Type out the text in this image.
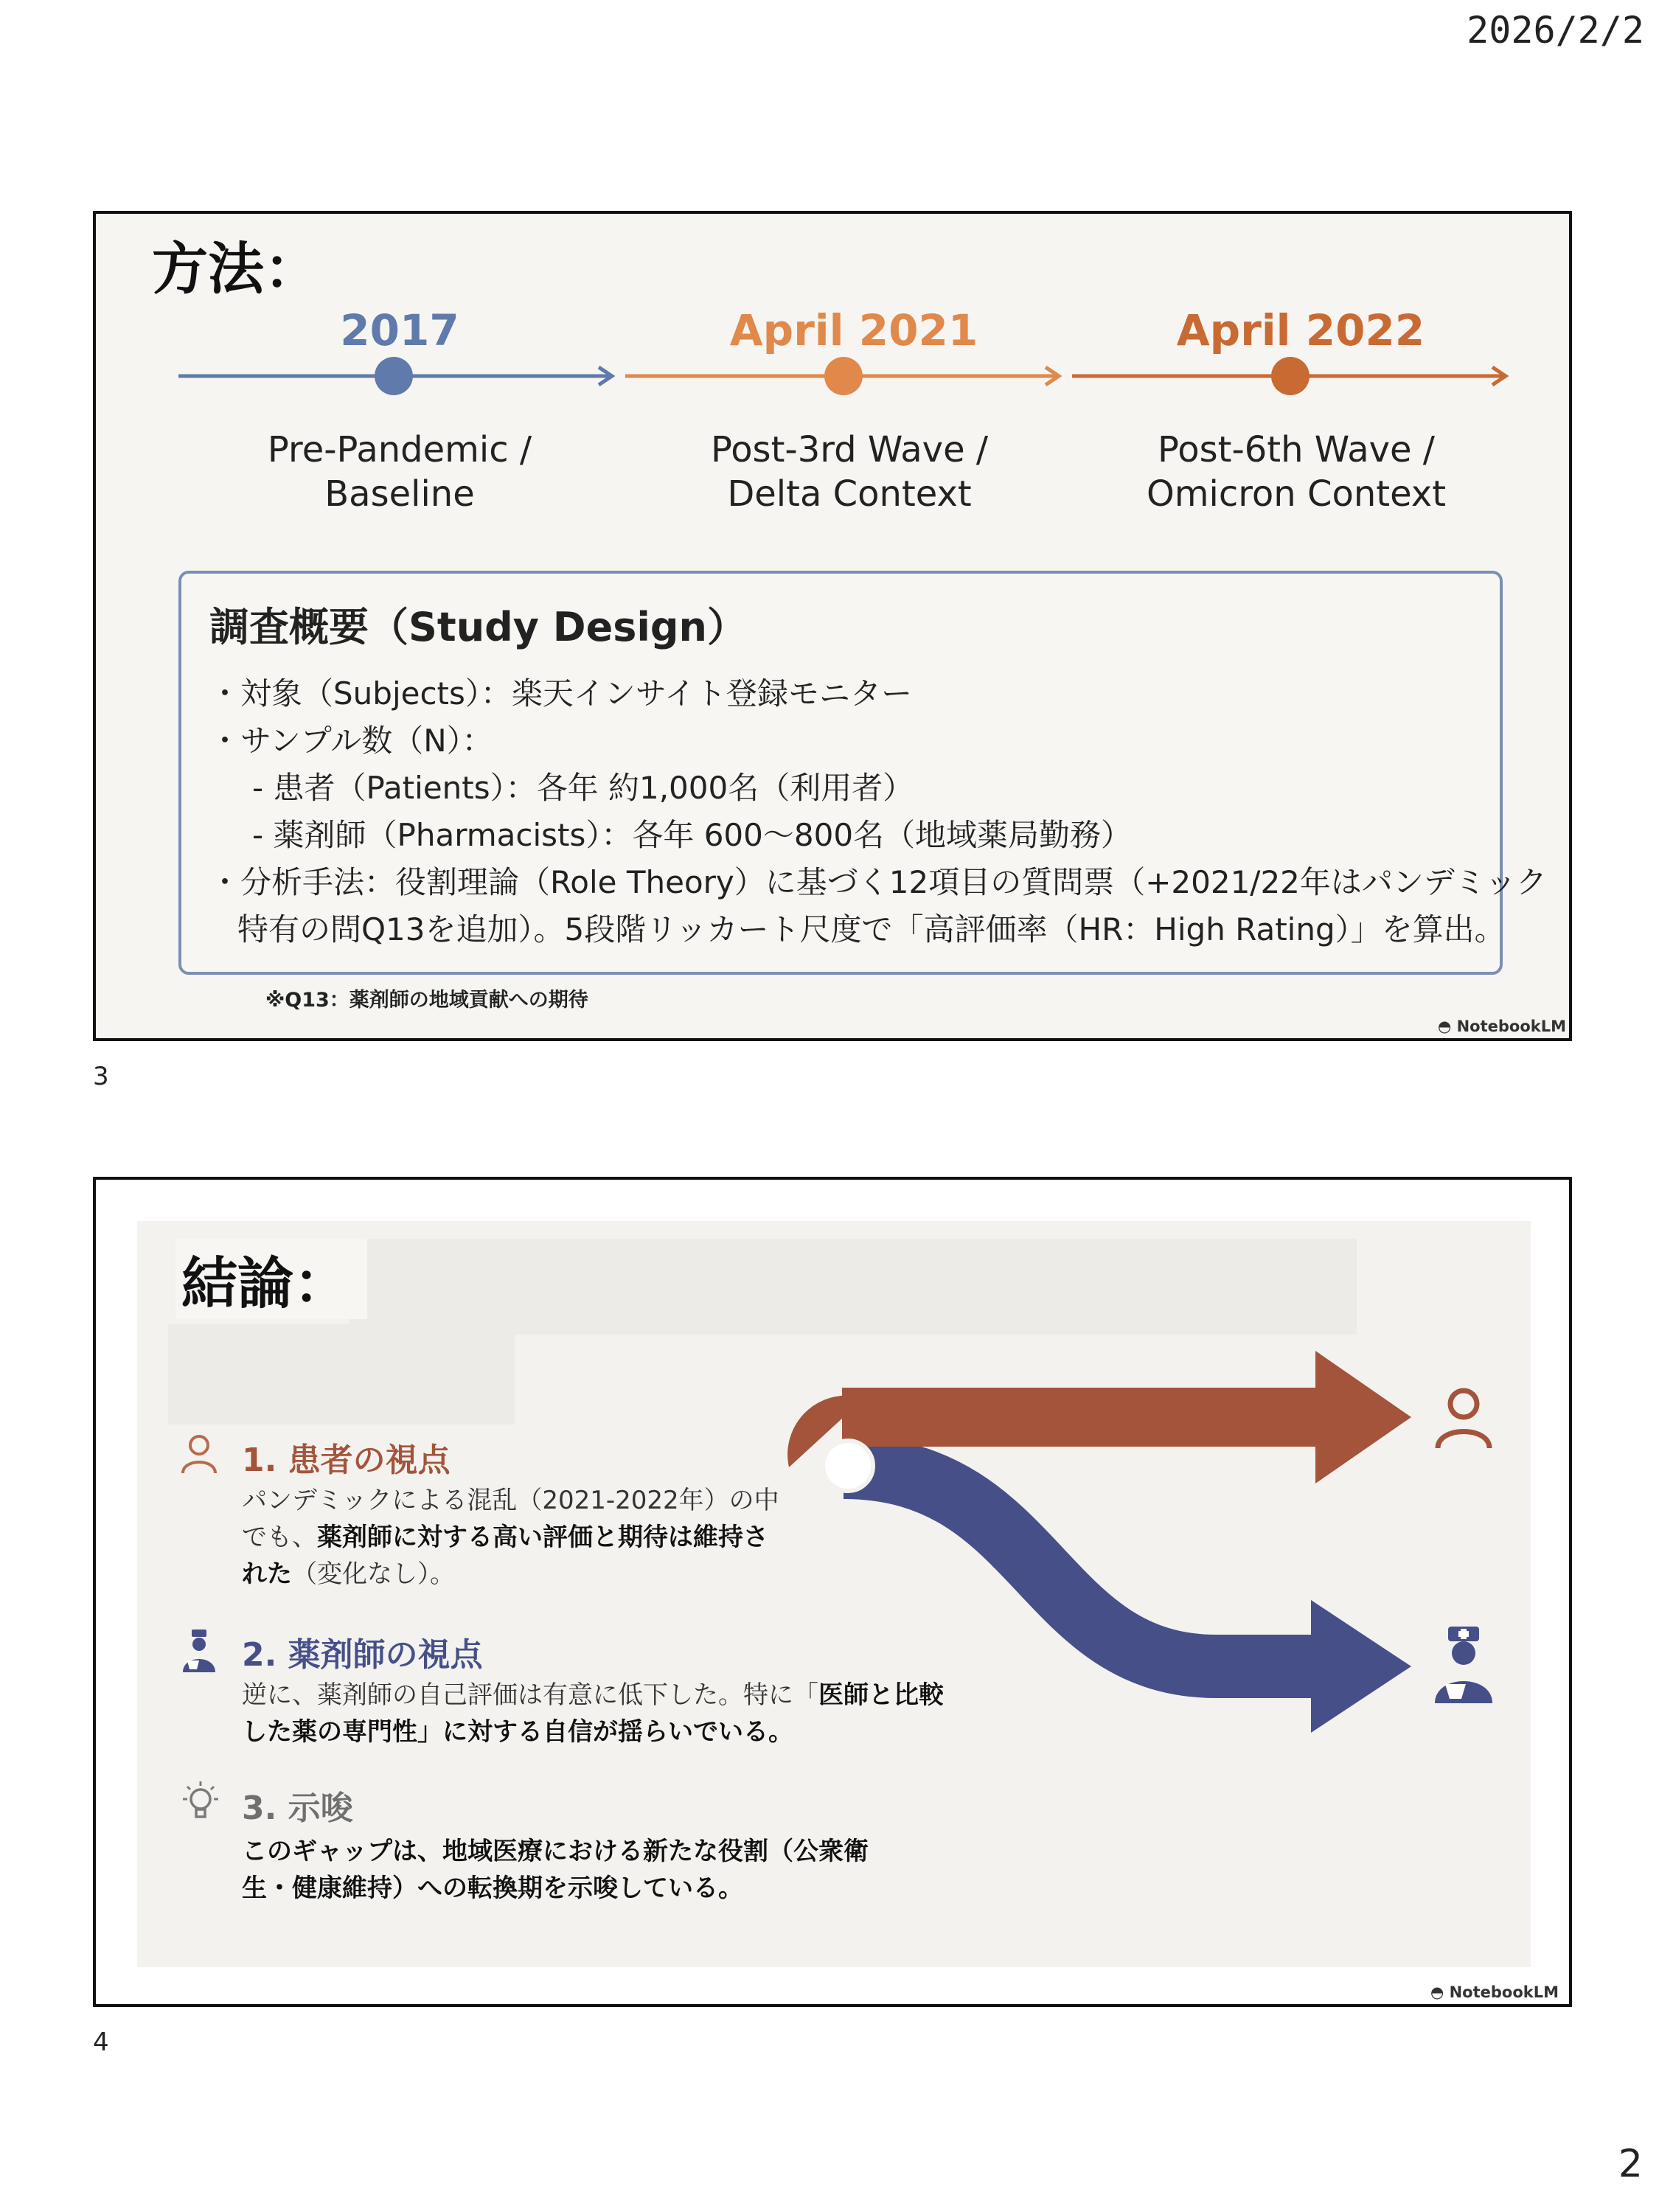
2026/2/2
方法：
2017	April 2021	April 2022
Pre-Pandemic /
Baseline
Post-3rd Wave /
Delta Context
Post-6th Wave /
Omicron Context
調査概要（Study Design）
・対象（Subjects）：楽天インサイト登録モニター
・サンプル数（N）：
- 患者（Patients）：各年 約1,000名（利用者）
- 薬剤師（Pharmacists）：各年 600～800名（地域薬局勤務）
・分析手法：役割理論（Role Theory）に基づく12項目の質問票（+2021/22年はパンデミック
特有の問Q13を追加）。5段階リッカート尺度で「高評価率（HR：High Rating）」を算出。
※Q13：薬剤師の地域貢献への期待
◓ NotebookLM
3
結論：
1. 患者の視点
パンデミックによる混乱（2021-2022年）の中
でも、薬剤師に対する高い評価と期待は維持さ
れた（変化なし）。
2. 薬剤師の視点
逆に、薬剤師の自己評価は有意に低下した。特に「医師と比較
した薬の専門性」に対する自信が揺らいでいる。
3. 示唆
このギャップは、地域医療における新たな役割（公衆衛
生・健康維持）への転換期を示唆している。
◓ NotebookLM
4
2
